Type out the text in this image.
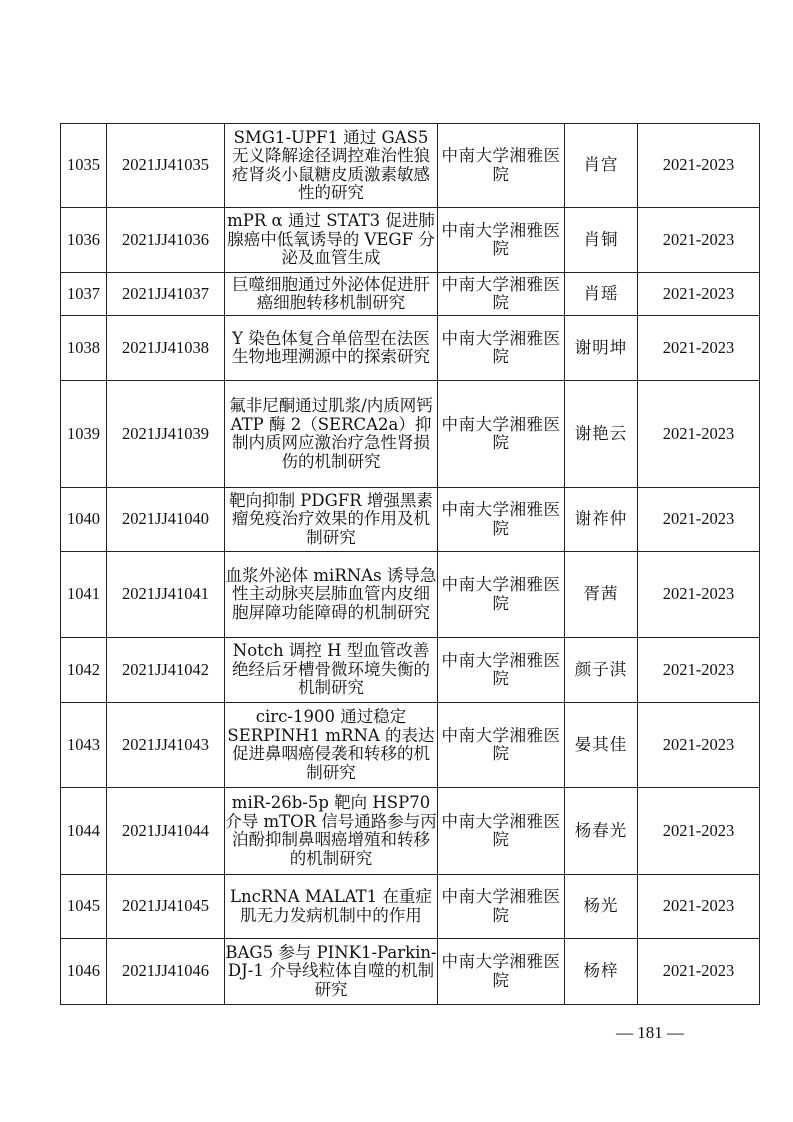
1035	2021JJ41035	SMG1-UPF1 通过 GAS5 无义降解途径调控难治性狼疮肾炎小鼠糖皮质激素敏感性的研究	中南大学湘雅医院	肖宫	2021-2023
1036	2021JJ41036	mPR α 通过 STAT3 促进肺腺癌中低氧诱导的 VEGF 分泌及血管生成	中南大学湘雅医院	肖铜	2021-2023
1037	2021JJ41037	巨噬细胞通过外泌体促进肝癌细胞转移机制研究	中南大学湘雅医院	肖瑶	2021-2023
1038	2021JJ41038	Y 染色体复合单倍型在法医生物地理溯源中的探索研究	中南大学湘雅医院	谢明坤	2021-2023
1039	2021JJ41039	氟非尼酮通过肌浆/内质网钙 ATP 酶 2（SERCA2a）抑制内质网应激治疗急性肾损伤的机制研究	中南大学湘雅医院	谢艳云	2021-2023
1040	2021JJ41040	靶向抑制 PDGFR 增强黑素瘤免疫治疗效果的作用及机制研究	中南大学湘雅医院	谢祚仲	2021-2023
1041	2021JJ41041	血浆外泌体 miRNAs 诱导急性主动脉夹层肺血管内皮细胞屏障功能障碍的机制研究	中南大学湘雅医院	胥茜	2021-2023
1042	2021JJ41042	Notch 调控 H 型血管改善绝经后牙槽骨微环境失衡的机制研究	中南大学湘雅医院	颜子淇	2021-2023
1043	2021JJ41043	circ-1900 通过稳定 SERPINH1 mRNA 的表达促进鼻咽癌侵袭和转移的机制研究	中南大学湘雅医院	晏其佳	2021-2023
1044	2021JJ41044	miR-26b-5p 靶向 HSP70 介导 mTOR 信号通路参与丙泊酚抑制鼻咽癌增殖和转移的机制研究	中南大学湘雅医院	杨春光	2021-2023
1045	2021JJ41045	LncRNA MALAT1 在重症肌无力发病机制中的作用	中南大学湘雅医院	杨光	2021-2023
1046	2021JJ41046	BAG5 参与 PINK1-Parkin-DJ-1 介导线粒体自噬的机制研究	中南大学湘雅医院	杨梓	2021-2023
— 181 —
